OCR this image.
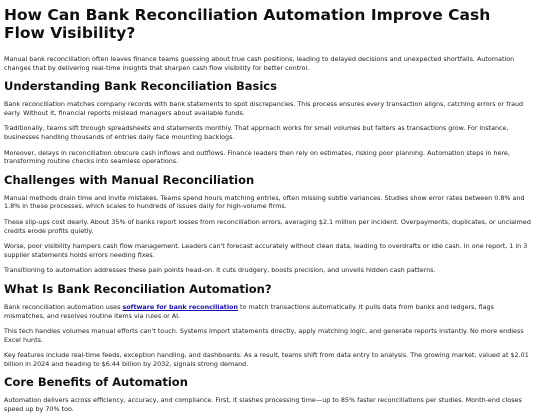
How Can Bank Reconciliation Automation Improve Cash Flow Visibility?

Manual bank reconciliation often leaves finance teams guessing about true cash positions, leading to delayed decisions and unexpected shortfalls. Automation changes that by delivering real-time insights that sharpen cash flow visibility for better control.

Understanding Bank Reconciliation Basics

Bank reconciliation matches company records with bank statements to spot discrepancies. This process ensures every transaction aligns, catching errors or fraud early. Without it, financial reports mislead managers about available funds.

Traditionally, teams sift through spreadsheets and statements monthly. That approach works for small volumes but falters as transactions grow. For instance, businesses handling thousands of entries daily face mounting backlogs.

Moreover, delays in reconciliation obscure cash inflows and outflows. Finance leaders then rely on estimates, risking poor planning. Automation steps in here, transforming routine checks into seamless operations.

Challenges with Manual Reconciliation

Manual methods drain time and invite mistakes. Teams spend hours matching entries, often missing subtle variances. Studies show error rates between 0.8% and 1.8% in these processes, which scales to hundreds of issues daily for high-volume firms.

These slip-ups cost dearly. About 35% of banks report losses from reconciliation errors, averaging $2.1 million per incident. Overpayments, duplicates, or unclaimed credits erode profits quietly.

Worse, poor visibility hampers cash flow management. Leaders can't forecast accurately without clean data, leading to overdrafts or idle cash. In one report, 1 in 3 supplier statements holds errors needing fixes.

Transitioning to automation addresses these pain points head-on. It cuts drudgery, boosts precision, and unveils hidden cash patterns.

What Is Bank Reconciliation Automation?

Bank reconciliation automation uses software for bank reconciliation to match transactions automatically. It pulls data from banks and ledgers, flags mismatches, and resolves routine items via rules or AI.

This tech handles volumes manual efforts can't touch. Systems import statements directly, apply matching logic, and generate reports instantly. No more endless Excel hunts.

Key features include real-time feeds, exception handling, and dashboards. As a result, teams shift from data entry to analysis. The growing market, valued at $2.01 billion in 2024 and heading to $6.44 billion by 2032, signals strong demand.

Core Benefits of Automation

Automation delivers across efficiency, accuracy, and compliance. First, it slashes processing time—up to 85% faster reconciliations per studies. Month-end closes speed up by 70% too.
